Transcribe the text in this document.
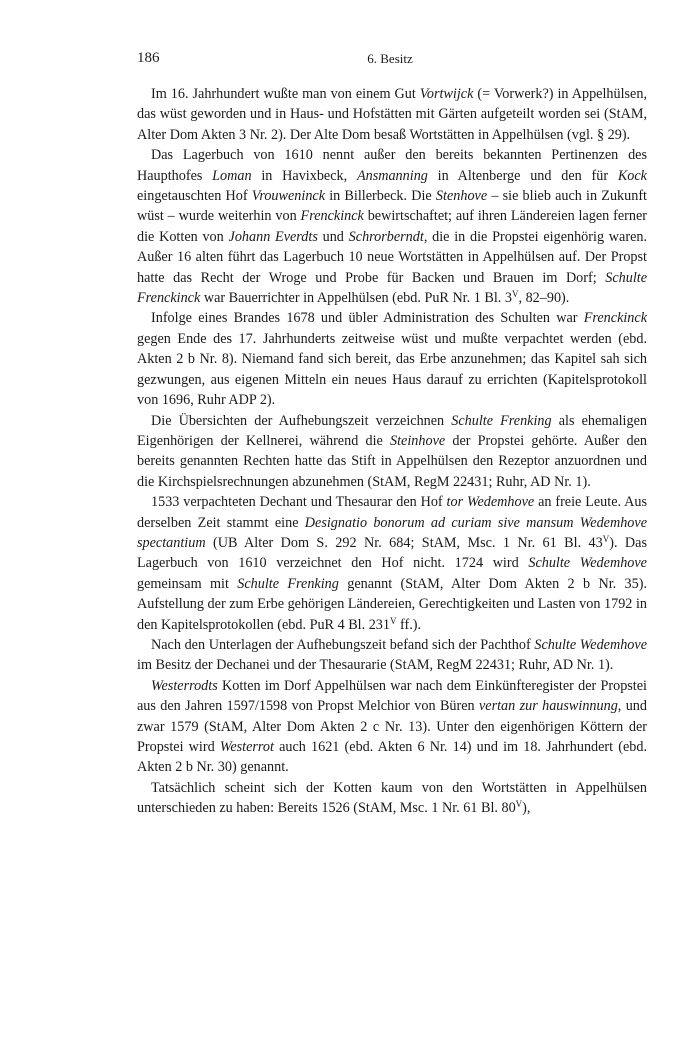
186	6. Besitz

Im 16. Jahrhundert wußte man von einem Gut Vortwijck (= Vorwerk?) in Appelhülsen, das wüst geworden und in Haus- und Hofstätten mit Gärten aufgeteilt worden sei (StAM, Alter Dom Akten 3 Nr. 2). Der Alte Dom besaß Wortstätten in Appelhülsen (vgl. § 29).

Das Lagerbuch von 1610 nennt außer den bereits bekannten Pertinenzen des Haupthofes Loman in Havixbeck, Ansmanning in Altenberge und den für Kock eingetauschten Hof Vrouweninck in Billerbeck. Die Stenhove – sie blieb auch in Zukunft wüst – wurde weiterhin von Frenckinck bewirtschaftet; auf ihren Ländereien lagen ferner die Kotten von Johann Everdts und Schrorberndt, die in die Propstei eigenhörig waren. Außer 16 alten führt das Lagerbuch 10 neue Wortstätten in Appelhülsen auf. Der Propst hatte das Recht der Wroge und Probe für Backen und Brauen im Dorf; Schulte Frenckinck war Bauerrichter in Appelhülsen (ebd. PuR Nr. 1 Bl. $3^V$, 82–90).

Infolge eines Brandes 1678 und übler Administration des Schulten war Frenckinck gegen Ende des 17. Jahrhunderts zeitweise wüst und mußte verpachtet werden (ebd. Akten 2 b Nr. 8). Niemand fand sich bereit, das Erbe anzunehmen; das Kapitel sah sich gezwungen, aus eigenen Mitteln ein neues Haus darauf zu errichten (Kapitelsprotokoll von 1696, Ruhr ADP 2).

Die Übersichten der Aufhebungszeit verzeichnen Schulte Frenking als ehemaligen Eigenhörigen der Kellnerei, während die Steinhove der Propstei gehörte. Außer den bereits genannten Rechten hatte das Stift in Appelhülsen den Rezeptor anzuordnen und die Kirchspielsrechnungen abzunehmen (StAM, RegM 22431; Ruhr, AD Nr. 1).

1533 verpachteten Dechant und Thesaurar den Hof tor Wedemhove an freie Leute. Aus derselben Zeit stammt eine Designatio bonorum ad curiam sive mansum Wedemhove spectantium (UB Alter Dom S. 292 Nr. 684; StAM, Msc. 1 Nr. 61 Bl. $43^V$). Das Lagerbuch von 1610 verzeichnet den Hof nicht. 1724 wird Schulte Wedemhove gemeinsam mit Schulte Frenking genannt (StAM, Alter Dom Akten 2 b Nr. 35). Aufstellung der zum Erbe gehörigen Ländereien, Gerechtigkeiten und Lasten von 1792 in den Kapitelsprotokollen (ebd. PuR 4 Bl. $231^V$ ff.).

Nach den Unterlagen der Aufhebungszeit befand sich der Pachthof Schulte Wedemhove im Besitz der Dechanei und der Thesaurarie (StAM, RegM 22431; Ruhr, AD Nr. 1).

Westerrodts Kotten im Dorf Appelhülsen war nach dem Einkünfteregister der Propstei aus den Jahren 1597/1598 von Propst Melchior von Büren vertan zur hauswinnung, und zwar 1579 (StAM, Alter Dom Akten 2 c Nr. 13). Unter den eigenhörigen Köttern der Propstei wird Westerrot auch 1621 (ebd. Akten 6 Nr. 14) und im 18. Jahrhundert (ebd. Akten 2 b Nr. 30) genannt.

Tatsächlich scheint sich der Kotten kaum von den Wortstätten in Appelhülsen unterschieden zu haben: Bereits 1526 (StAM, Msc. 1 Nr. 61 Bl. $80^V$),
